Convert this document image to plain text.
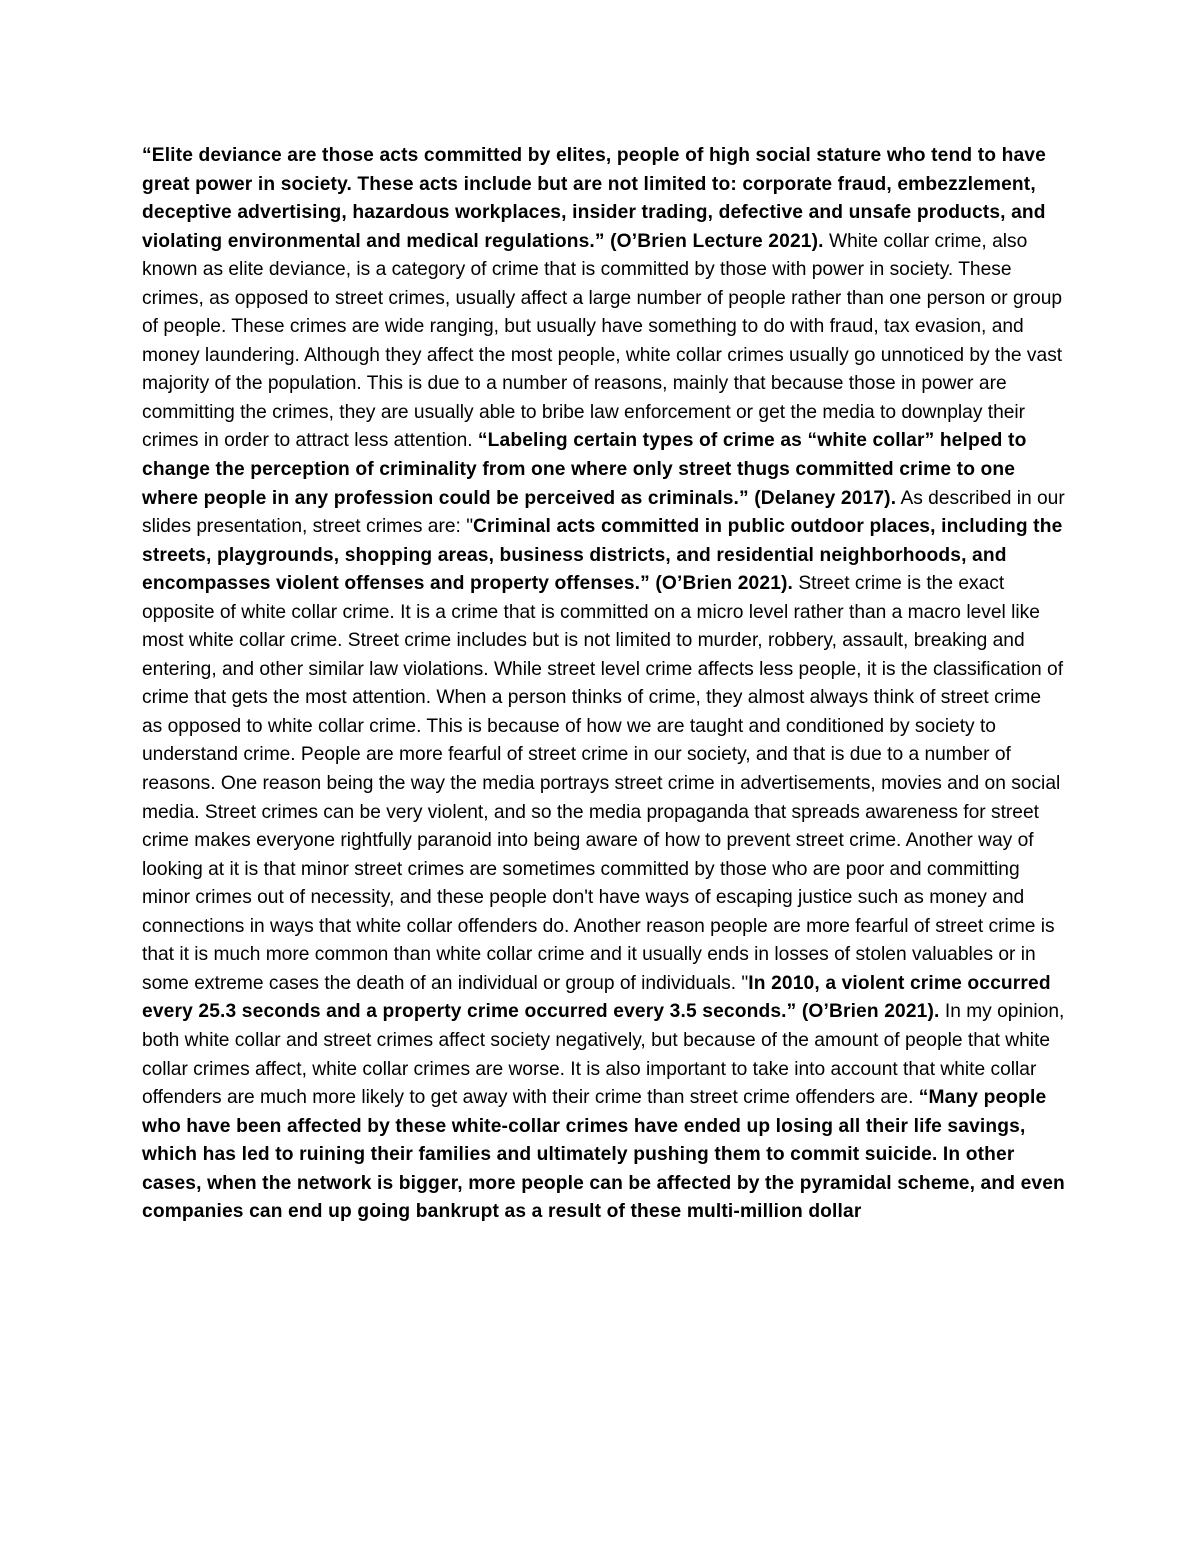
“Elite deviance are those acts committed by elites, people of high social stature who tend to have great power in society. These acts include but are not limited to: corporate fraud, embezzlement, deceptive advertising, hazardous workplaces, insider trading, defective and unsafe products, and violating environmental and medical regulations.” (O’Brien Lecture 2021). White collar crime, also known as elite deviance, is a category of crime that is committed by those with power in society. These crimes, as opposed to street crimes, usually affect a large number of people rather than one person or group of people. These crimes are wide ranging, but usually have something to do with fraud, tax evasion, and money laundering. Although they affect the most people, white collar crimes usually go unnoticed by the vast majority of the population. This is due to a number of reasons, mainly that because those in power are committing the crimes, they are usually able to bribe law enforcement or get the media to downplay their crimes in order to attract less attention. “Labeling certain types of crime as “white collar” helped to change the perception of criminality from one where only street thugs committed crime to one where people in any profession could be perceived as criminals.” (Delaney 2017). As described in our slides presentation, street crimes are: "Criminal acts committed in public outdoor places, including the streets, playgrounds, shopping areas, business districts, and residential neighborhoods, and encompasses violent offenses and property offenses.” (O’Brien 2021). Street crime is the exact opposite of white collar crime. It is a crime that is committed on a micro level rather than a macro level like most white collar crime. Street crime includes but is not limited to murder, robbery, assault, breaking and entering, and other similar law violations. While street level crime affects less people, it is the classification of crime that gets the most attention. When a person thinks of crime, they almost always think of street crime as opposed to white collar crime. This is because of how we are taught and conditioned by society to understand crime. People are more fearful of street crime in our society, and that is due to a number of reasons. One reason being the way the media portrays street crime in advertisements, movies and on social media. Street crimes can be very violent, and so the media propaganda that spreads awareness for street crime makes everyone rightfully paranoid into being aware of how to prevent street crime. Another way of looking at it is that minor street crimes are sometimes committed by those who are poor and committing minor crimes out of necessity, and these people don't have ways of escaping justice such as money and connections in ways that white collar offenders do. Another reason people are more fearful of street crime is that it is much more common than white collar crime and it usually ends in losses of stolen valuables or in some extreme cases the death of an individual or group of individuals. "In 2010, a violent crime occurred every 25.3 seconds and a property crime occurred every 3.5 seconds.” (O’Brien 2021). In my opinion, both white collar and street crimes affect society negatively, but because of the amount of people that white collar crimes affect, white collar crimes are worse. It is also important to take into account that white collar offenders are much more likely to get away with their crime than street crime offenders are. “Many people who have been affected by these white-collar crimes have ended up losing all their life savings, which has led to ruining their families and ultimately pushing them to commit suicide. In other cases, when the network is bigger, more people can be affected by the pyramidal scheme, and even companies can end up going bankrupt as a result of these multi-million dollar
